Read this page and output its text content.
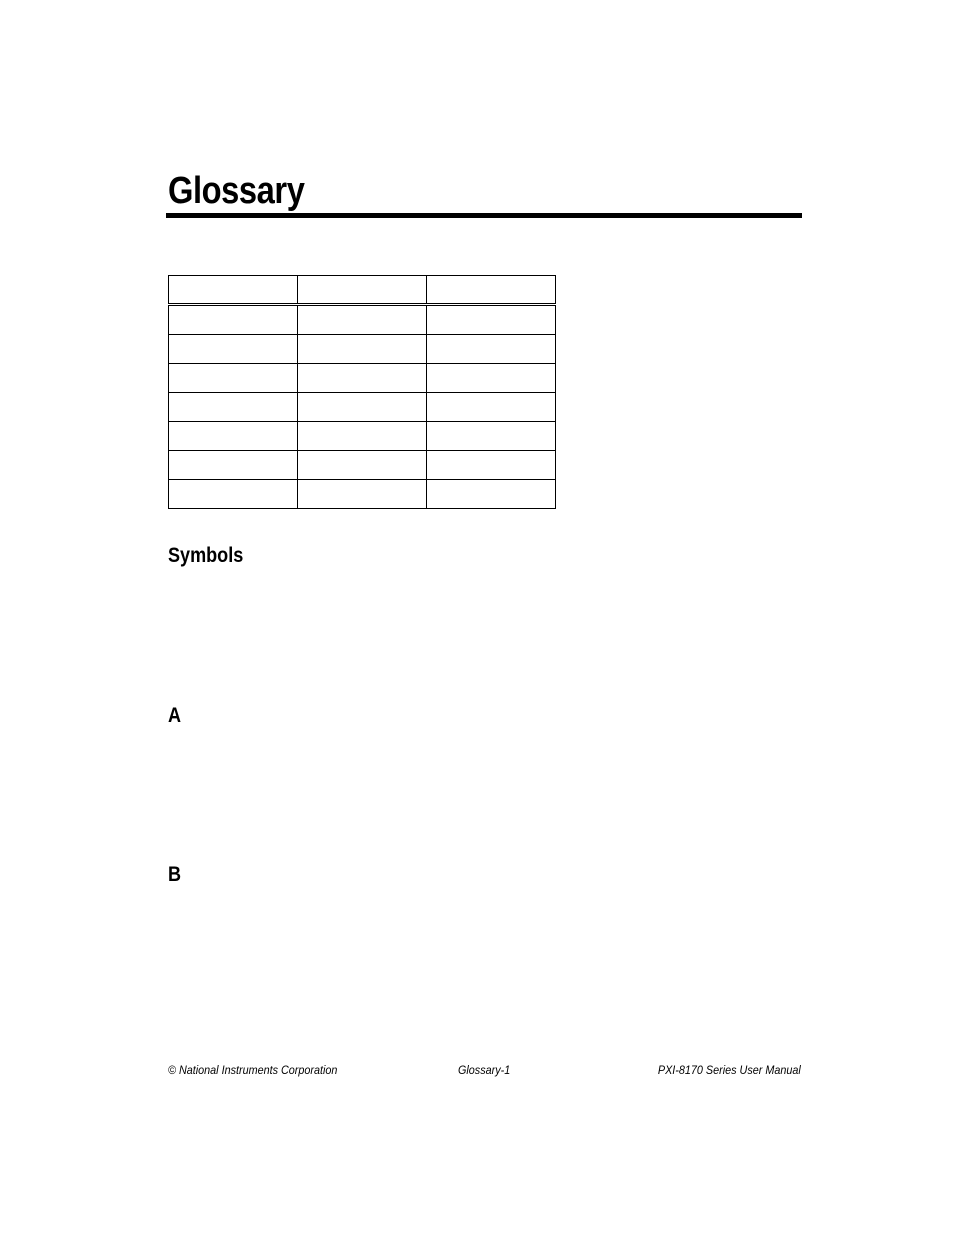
Glossary

Symbols
A
B
© National Instruments Corporation	Glossary-1	PXI-8170 Series User Manual
